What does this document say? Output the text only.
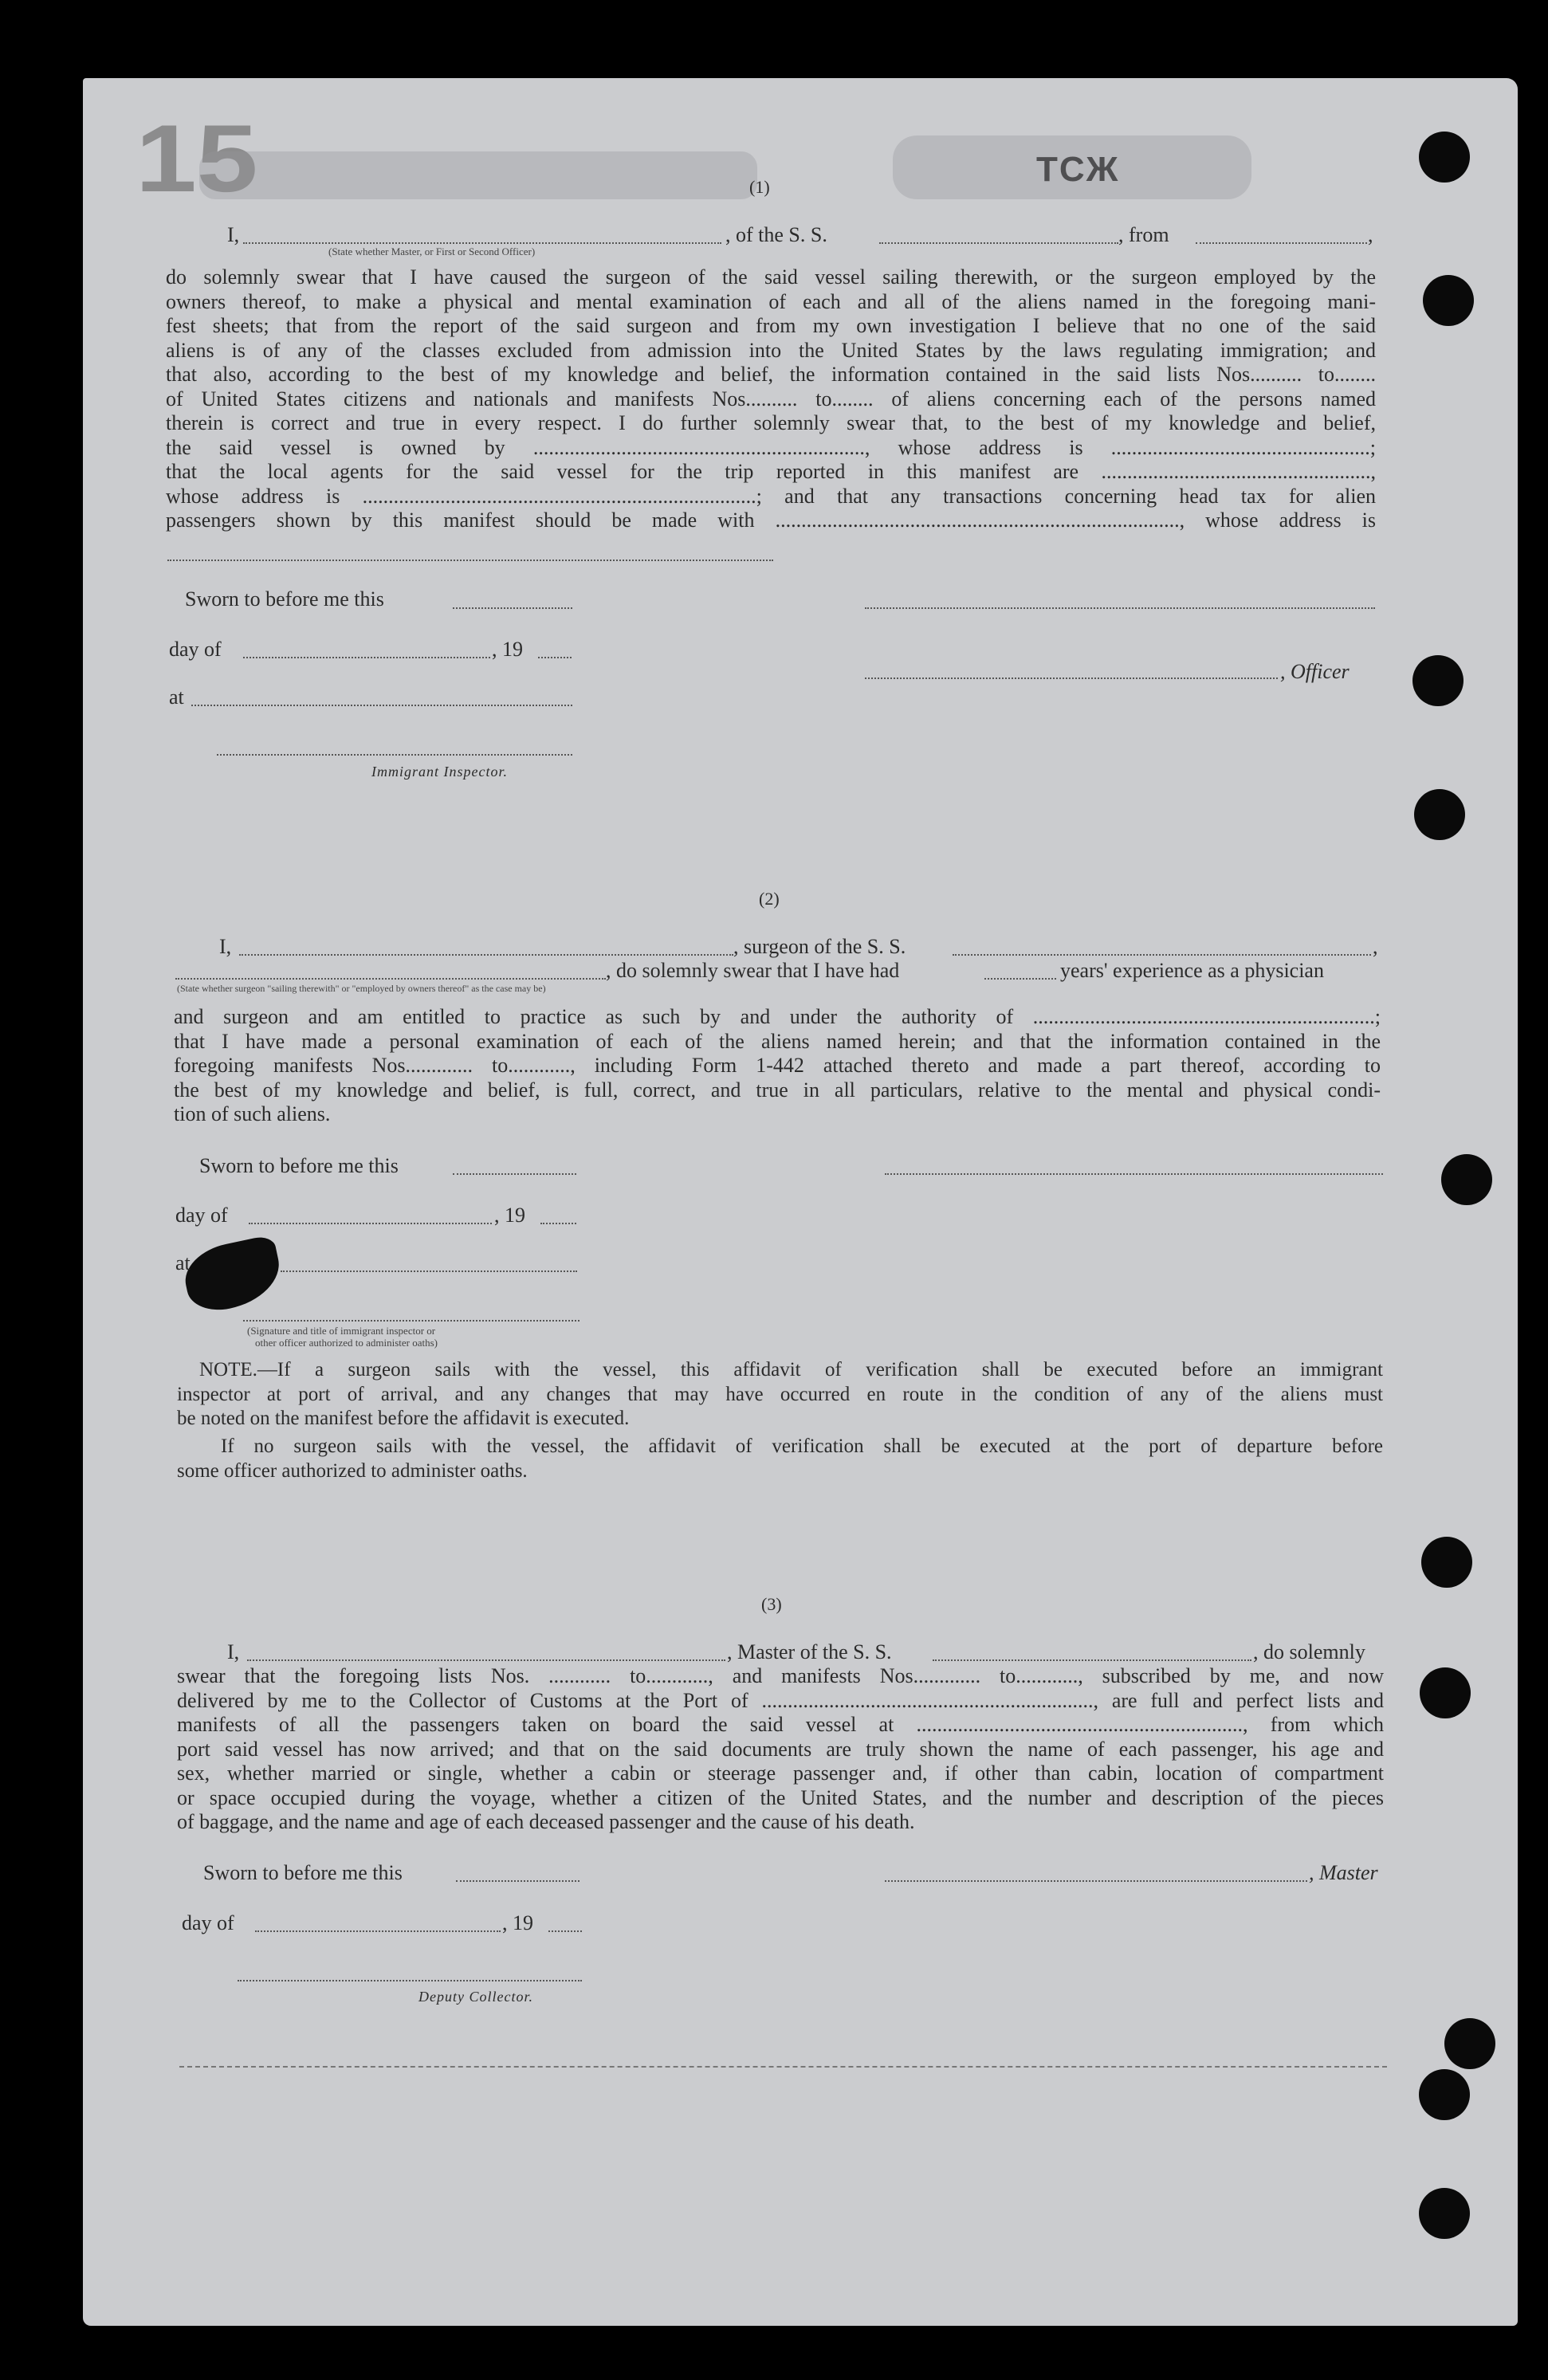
15	ТСЖ
(1)
I,	, of the S. S.	, from	,
(State whether Master, or First or Second Officer)
do solemnly swear that I have caused the surgeon of the said vessel sailing therewith, or the surgeon employed by the
owners thereof, to make a physical and mental examination of each and all of the aliens named in the foregoing mani-
fest sheets; that from the report of the said surgeon and from my own investigation I believe that no one of the said
aliens is of any of the classes excluded from admission into the United States by the laws regulating immigration; and
that also, according to the best of my knowledge and belief, the information contained in the said lists Nos.......... to........
of United States citizens and nationals and manifests Nos.......... to........ of aliens concerning each of the persons named
therein is correct and true in every respect. I do further solemnly swear that, to the best of my knowledge and belief,
the said vessel is owned by ................................................................, whose address is ..................................................;
that the local agents for the said vessel for the trip reported in this manifest are ....................................................,
whose address is ............................................................................; and that any transactions concerning head tax for alien
passengers shown by this manifest should be made with .............................................................................., whose address is
Sworn to before me this
day of	, 19
, Officer
at
Immigrant Inspector.
(2)
I,	, surgeon of the S. S.	,
, do solemnly swear that I have had	years' experience as a physician
(State whether surgeon "sailing therewith" or "employed by owners thereof" as the case may be)
and surgeon and am entitled to practice as such by and under the authority of ..................................................................;
that I have made a personal examination of each of the aliens named herein; and that the information contained in the
foregoing manifests Nos............. to............, including Form 1-442 attached thereto and made a part thereof, according to
the best of my knowledge and belief, is full, correct, and true in all particulars, relative to the mental and physical condi-
tion of such aliens.
Sworn to before me this
day of	, 19
at
(Signature and title of immigrant inspector or
other officer authorized to administer oaths)
NOTE.—If a surgeon sails with the vessel, this affidavit of verification shall be executed before an immigrant
inspector at port of arrival, and any changes that may have occurred en route in the condition of any of the aliens must
be noted on the manifest before the affidavit is executed.
If no surgeon sails with the vessel, the affidavit of verification shall be executed at the port of departure before
some officer authorized to administer oaths.
(3)
I,	, Master of the S. S.	, do solemnly
swear that the foregoing lists Nos. ............ to............, and manifests Nos............. to............, subscribed by me, and now
delivered by me to the Collector of Customs at the Port of ................................................................, are full and perfect lists and
manifests of all the passengers taken on board the said vessel at ..............................................................., from which
port said vessel has now arrived; and that on the said documents are truly shown the name of each passenger, his age and
sex, whether married or single, whether a cabin or steerage passenger and, if other than cabin, location of compartment
or space occupied during the voyage, whether a citizen of the United States, and the number and description of the pieces
of baggage, and the name and age of each deceased passenger and the cause of his death.
Sworn to before me this	, Master
day of	, 19
Deputy Collector.
